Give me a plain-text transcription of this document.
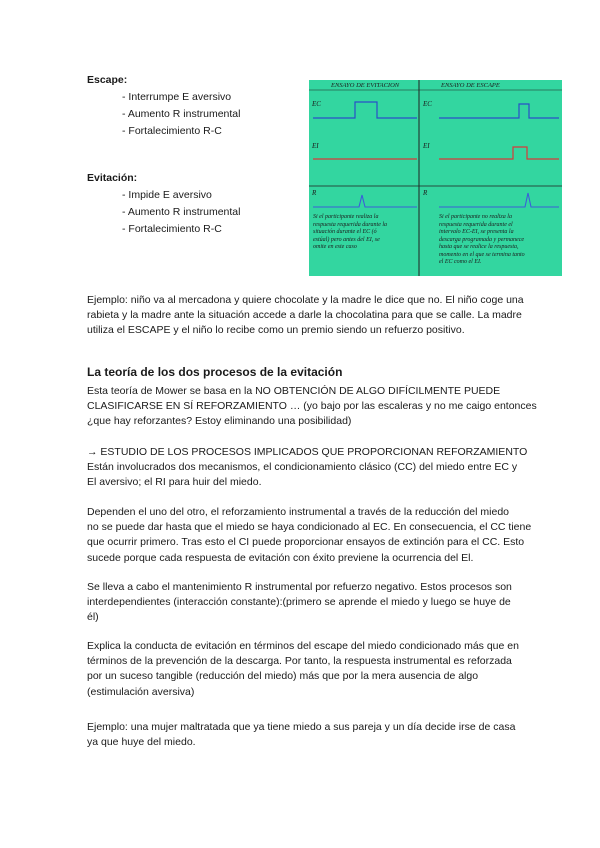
Escape:
- Interrumpe E aversivo
- Aumento R instrumental
- Fortalecimiento R-C
Evitación:
- Impide E aversivo
- Aumento R instrumental
- Fortalecimiento R-C
ENSAYO DE EVITACION	ENSAYO DE ESCAPE
EC	EC
EI	EI
R	R
Si el participante realiza la
respuesta requerida durante la
situación durante el EC (ó
estúal) pero antes del EI, se
omite en este caso
Si el participante no realiza la
respuesta requerida durante el
intervalo EC-EI, se presenta la
descarga programada y permanece
hasta que se realice la respuesta,
momento en el que se termina tanto
el EC como el EI.
Ejemplo: niño va al mercadona y quiere chocolate y la madre le dice que no. El niño coge una
rabieta y la madre ante la situación accede a darle la chocolatina para que se calle. La madre
utiliza el ESCAPE y el niño lo recibe como un premio siendo un refuerzo positivo.
La teoría de los dos procesos de la evitación
Esta teoría de Mower se basa en la NO OBTENCIÓN DE ALGO DIFÍCILMENTE PUEDE
CLASIFICARSE EN SÍ REFORZAMIENTO … (yo bajo por las escaleras y no me caigo entonces
¿que hay reforzantes? Estoy eliminando una posibilidad)
→ ESTUDIO DE LOS PROCESOS IMPLICADOS QUE PROPORCIONAN REFORZAMIENTO
Están involucrados dos mecanismos, el condicionamiento clásico (CC) del miedo entre EC y
El aversivo; el RI para huir del miedo.
Dependen el uno del otro, el reforzamiento instrumental a través de la reducción del miedo
no se puede dar hasta que el miedo se haya condicionado al EC. En consecuencia, el CC tiene
que ocurrir primero. Tras esto el CI puede proporcionar ensayos de extinción para el CC. Esto
sucede porque cada respuesta de evitación con éxito previene la ocurrencia del El.
Se lleva a cabo el mantenimiento R instrumental por refuerzo negativo. Estos procesos son
interdependientes (interacción constante):(primero se aprende el miedo y luego se huye de
él)
Explica la conducta de evitación en términos del escape del miedo condicionado más que en
términos de la prevención de la descarga. Por tanto, la respuesta instrumental es reforzada
por un suceso tangible (reducción del miedo) más que por la mera ausencia de algo
(estimulación aversiva)
Ejemplo: una mujer maltratada que ya tiene miedo a sus pareja y un día decide irse de casa
ya que huye del miedo.
